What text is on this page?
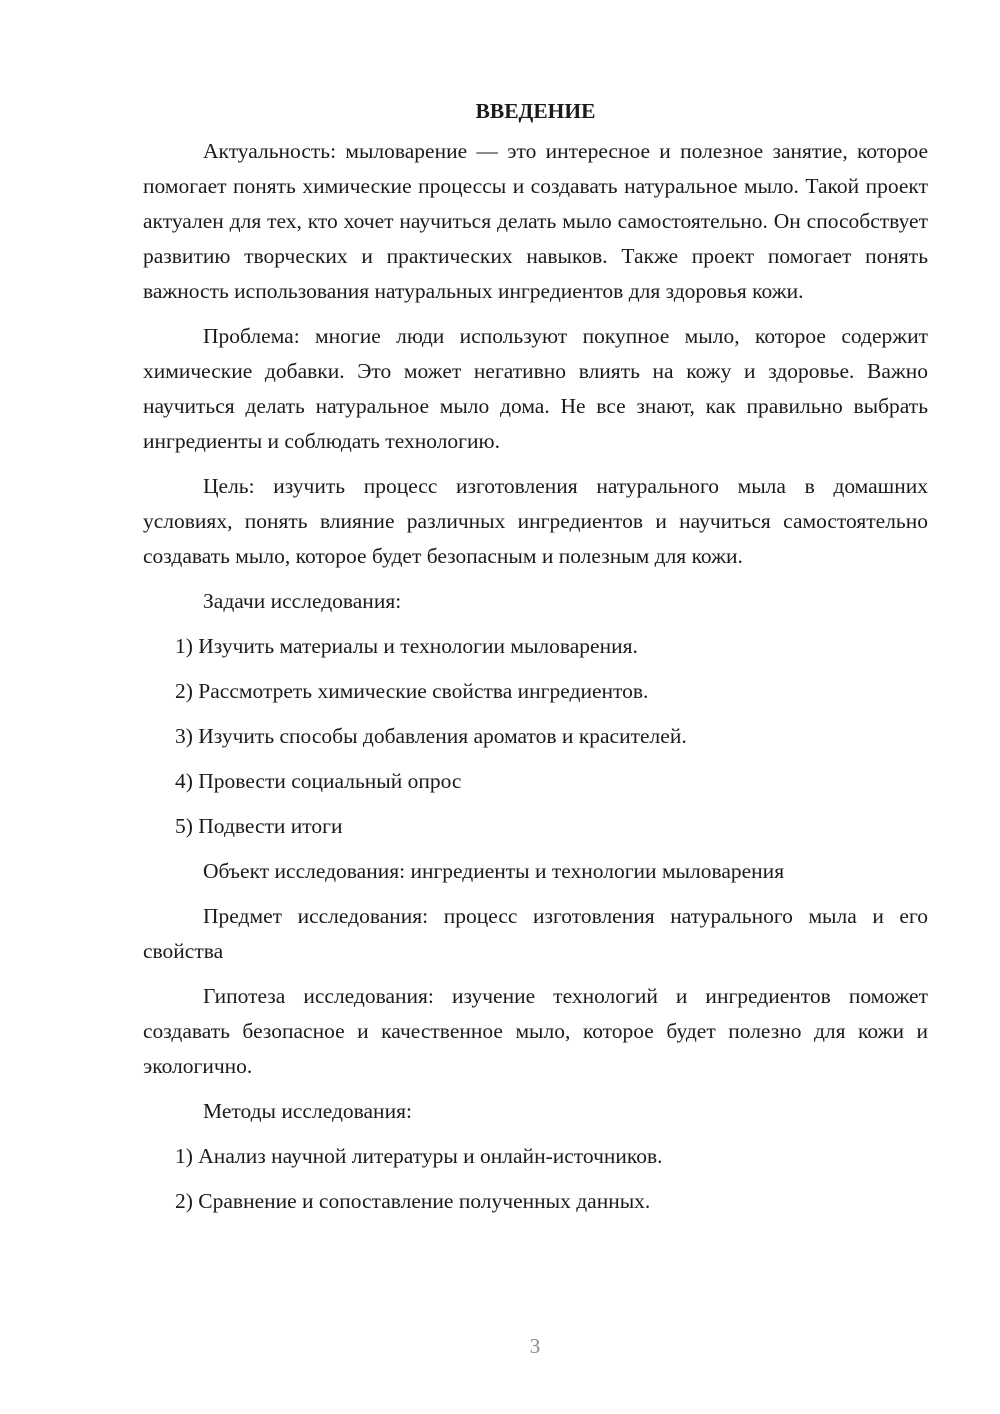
ВВЕДЕНИЕ

Актуальность: мыловарение — это интересное и полезное занятие, которое помогает понять химические процессы и создавать натуральное мыло. Такой проект актуален для тех, кто хочет научиться делать мыло самостоятельно. Он способствует развитию творческих и практических навыков. Также проект помогает понять важность использования натуральных ингредиентов для здоровья кожи.

Проблема: многие люди используют покупное мыло, которое содержит химические добавки. Это может негативно влиять на кожу и здоровье. Важно научиться делать натуральное мыло дома. Не все знают, как правильно выбрать ингредиенты и соблюдать технологию.

Цель: изучить процесс изготовления натурального мыла в домашних условиях, понять влияние различных ингредиентов и научиться самостоятельно создавать мыло, которое будет безопасным и полезным для кожи.

Задачи исследования:

1) Изучить материалы и технологии мыловарения.
2) Рассмотреть химические свойства ингредиентов.
3) Изучить способы добавления ароматов и красителей.
4) Провести социальный опрос
5) Подвести итоги

Объект исследования: ингредиенты и технологии мыловарения

Предмет исследования: процесс изготовления натурального мыла и его свойства

Гипотеза исследования: изучение технологий и ингредиентов поможет создавать безопасное и качественное мыло, которое будет полезно для кожи и экологично.

Методы исследования:

1) Анализ научной литературы и онлайн-источников.
2) Сравнение и сопоставление полученных данных.
3
